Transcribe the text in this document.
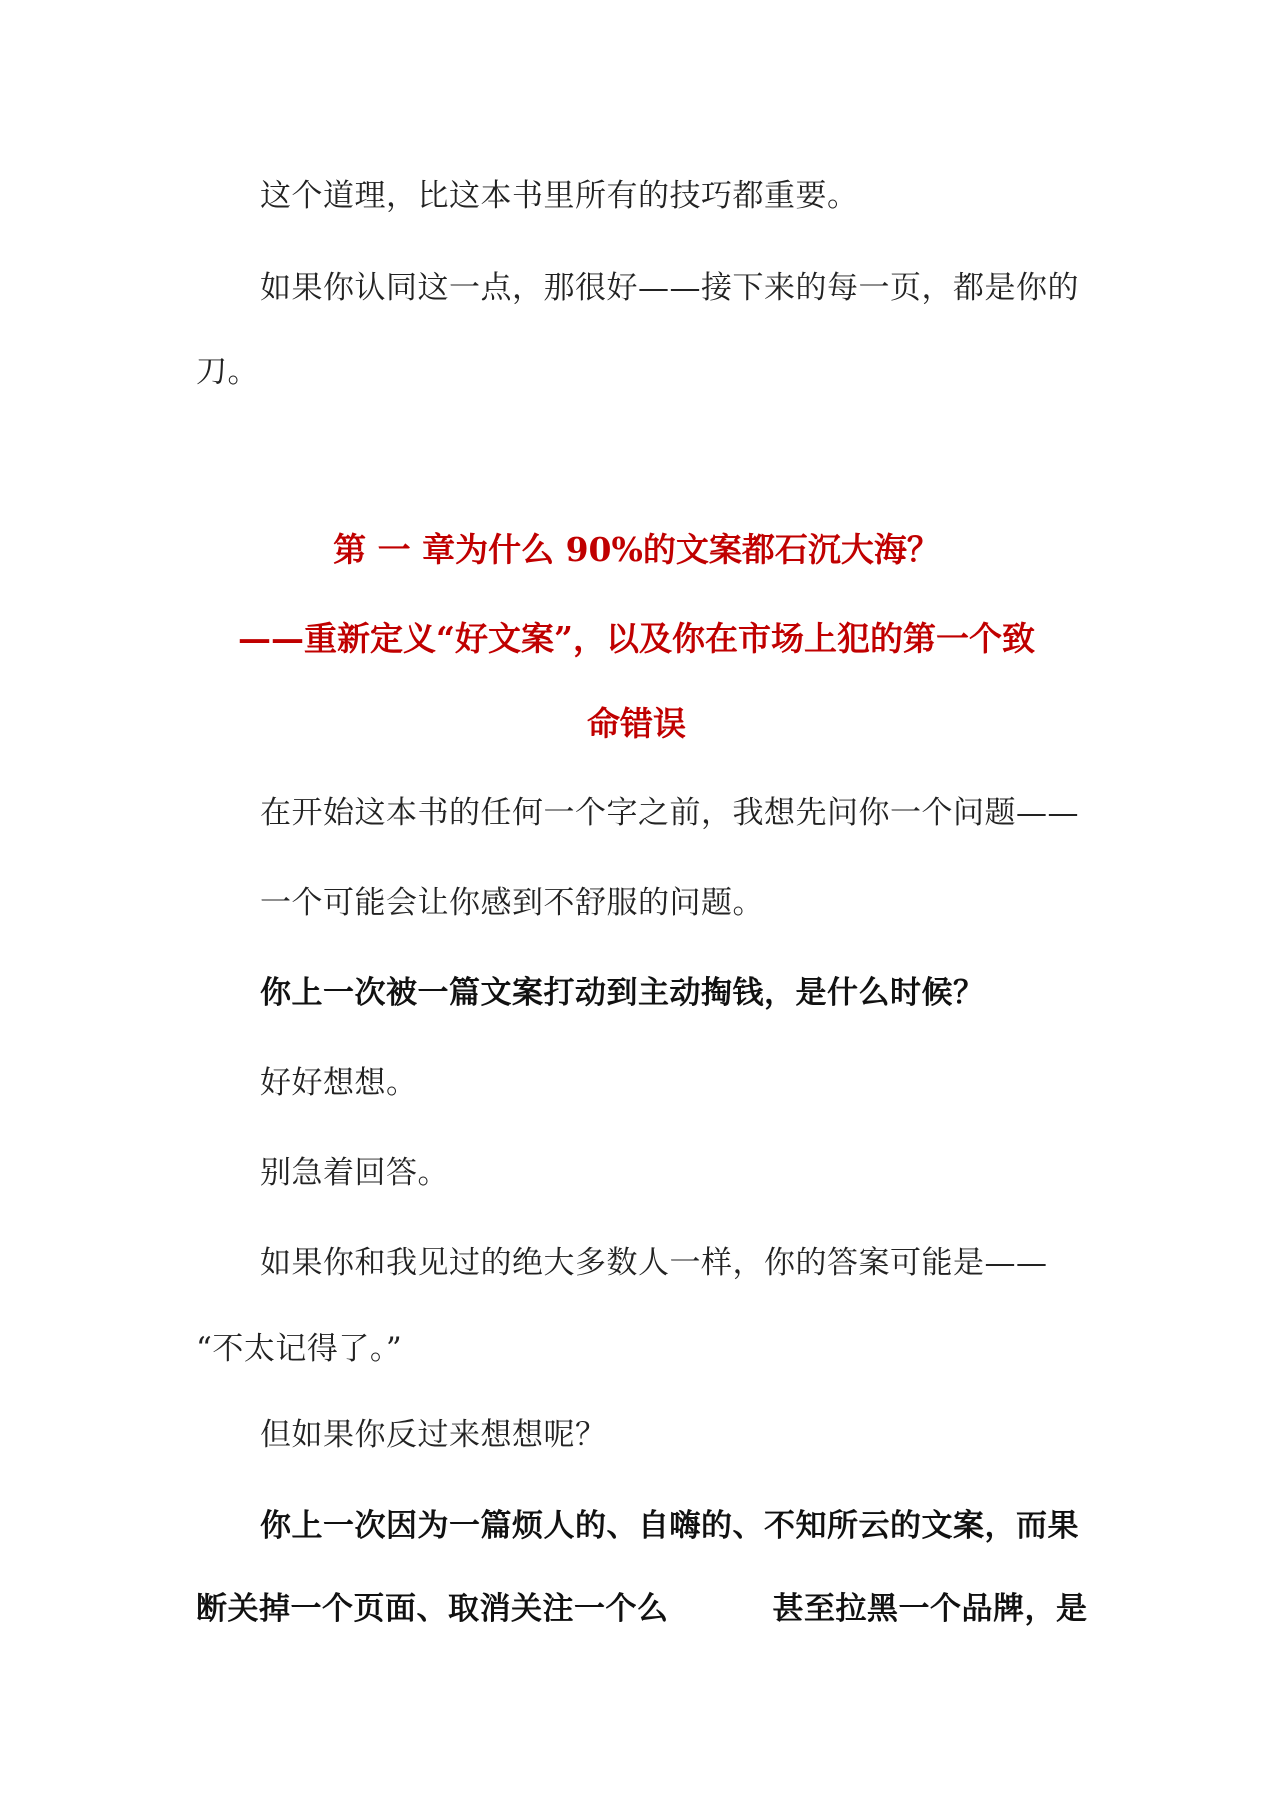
这个道理，比这本书里所有的技巧都重要。
如果你认同这一点，那很好——接下来的每一页，都是你的
刀。
第 一 章为什么 90%的文案都石沉大海？
——重新定义“好文案”，以及你在市场上犯的第一个致
命错误
在开始这本书的任何一个字之前，我想先问你一个问题——
一个可能会让你感到不舒服的问题。
你上一次被一篇文案打动到主动掏钱，是什么时候？
好好想想。
别急着回答。
如果你和我见过的绝大多数人一样，你的答案可能是——
“不太记得了。”
但如果你反过来想想呢？
你上一次因为一篇烦人的、自嗨的、不知所云的文案，而果
断关掉一个页面、取消关注一个么	甚至拉黑一个品牌，是
